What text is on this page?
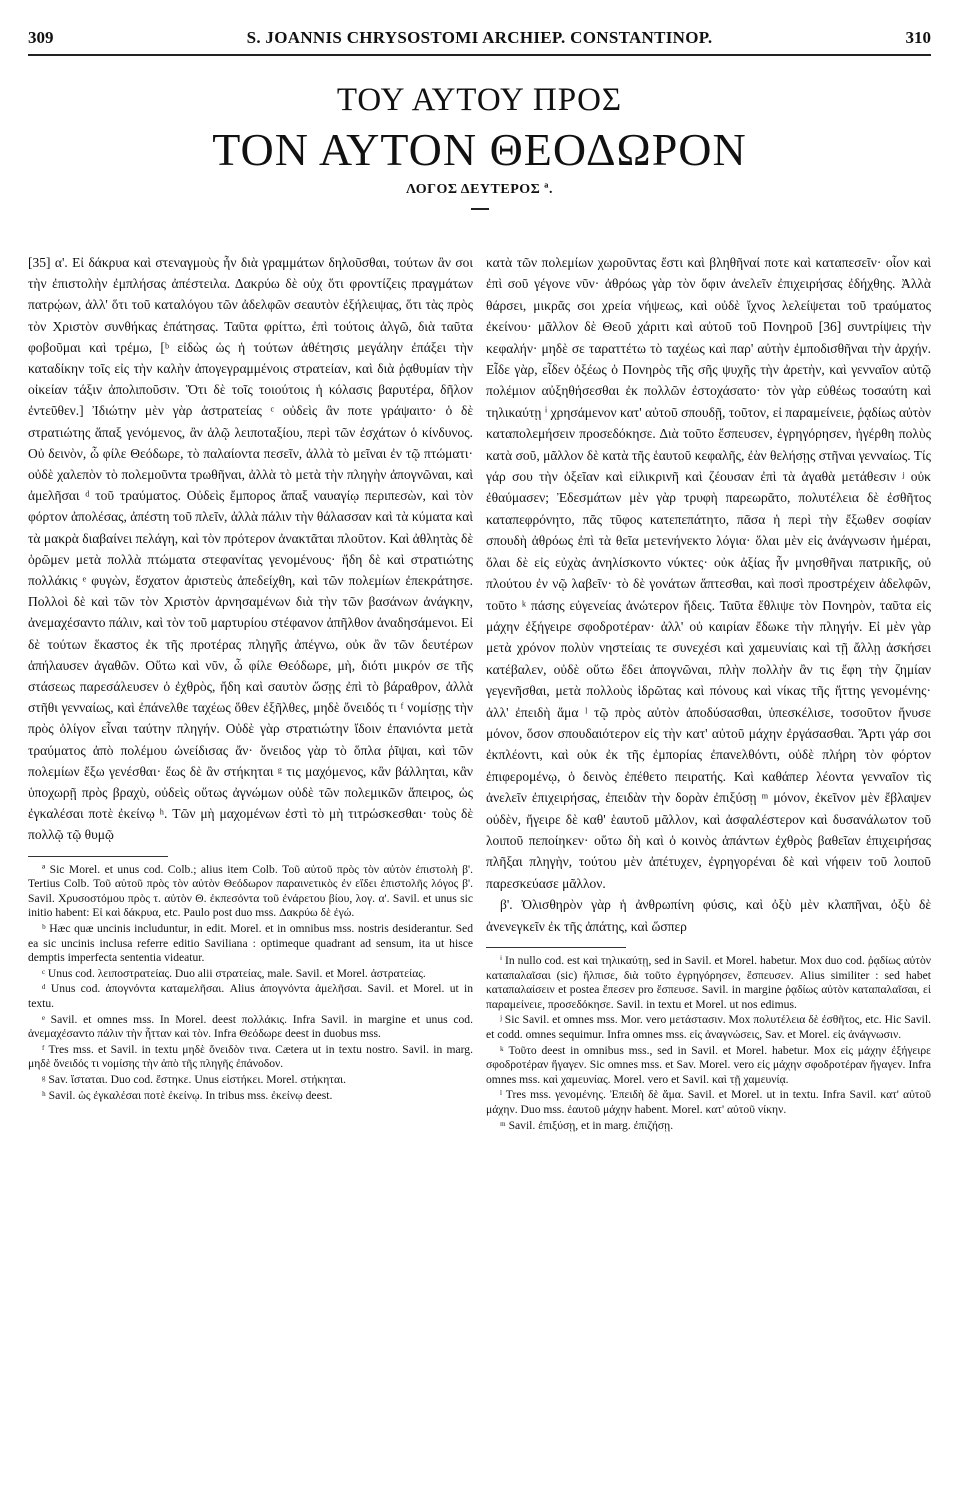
309	S. JOANNIS CHRYSOSTOMI ARCHIEP. CONSTANTINOP.	310
ΤΟΥ ΑΥΤΟΥ ΠΡΟΣ
ΤΟΝ ΑΥΤΟΝ ΘΕΟΔΩΡΟΝ
ΛΟΓΟΣ ΔΕΥΤΕΡΟΣ ª.

[35] α'. Εἰ δάκρυα καὶ στεναγμοὺς ἦν διὰ γραμμάτων δηλοῦσθαι, τούτων ἂν σοι τὴν ἐπιστολὴν ἐμπλήσας ἀπέστειλα. Δακρύω δὲ οὐχ ὅτι φροντίζεις πραγμάτων πατρῴων, ἀλλ' ὅτι τοῦ καταλόγου τῶν ἀδελφῶν σεαυτὸν ἐξήλειψας, ὅτι τὰς πρὸς τὸν Χριστὸν συνθήκας ἐπάτησας. Ταῦτα φρίττω, ἐπὶ τούτοις ἀλγῶ, διὰ ταῦτα φοβοῦμαι καὶ τρέμω, [ᵇ εἰδὼς ὡς ἡ τούτων ἀθέτησις μεγάλην ἐπάξει τὴν καταδίκην τοῖς εἰς τὴν καλὴν ἀπογεγραμμένοις στρατείαν, καὶ διὰ ῥᾳθυμίαν τὴν οἰκείαν τάξιν ἀπολιποῦσιν. Ὅτι δὲ τοῖς τοιούτοις ἡ κόλασις βαρυτέρα, δῆλον ἐντεῦθεν.] Ἰδιώτην μὲν γὰρ ἀστρατείας ᶜ οὐδεὶς ἂν ποτε γράψαιτο· ὁ δὲ στρατιώτης ἅπαξ γενόμενος, ἂν ἁλῷ λειποταξίου, περὶ τῶν ἐσχάτων ὁ κίνδυνος. Οὐ δεινὸν, ὦ φίλε Θεόδωρε, τὸ παλαίοντα πεσεῖν, ἀλλὰ τὸ μεῖναι ἐν τῷ πτώματι· οὐδὲ χαλεπὸν τὸ πολεμοῦντα τρωθῆναι, ἀλλὰ τὸ μετὰ τὴν πληγὴν ἀπογνῶναι, καὶ ἀμελῆσαι ᵈ τοῦ τραύματος. Οὐδεὶς ἔμπορος ἅπαξ ναυαγίῳ περιπεσὼν, καὶ τὸν φόρτον ἀπολέσας, ἀπέστη τοῦ πλεῖν, ἀλλὰ πάλιν τὴν θάλασσαν καὶ τὰ κύματα καὶ τὰ μακρὰ διαβαίνει πελάγη, καὶ τὸν πρότερον ἀνακτᾶται πλοῦτον. Καὶ ἀθλητὰς δὲ ὁρῶμεν μετὰ πολλὰ πτώματα στεφανίτας γενομένους· ἤδη δὲ καὶ στρατιώτης πολλάκις ᵉ φυγὼν, ἔσχατον ἀριστεὺς ἀπεδείχθη, καὶ τῶν πολεμίων ἐπεκράτησε. Πολλοὶ δὲ καὶ τῶν τὸν Χριστὸν ἀρνησαμένων διὰ τὴν τῶν βασάνων ἀνάγκην, ἀνεμαχέσαντο πάλιν, καὶ τὸν τοῦ μαρτυρίου στέφανον ἀπῆλθον ἀναδησάμενοι. Εἰ δὲ τούτων ἕκαστος ἐκ τῆς προτέρας πληγῆς ἀπέγνω, οὐκ ἂν τῶν δευτέρων ἀπήλαυσεν ἀγαθῶν. Οὕτω καὶ νῦν, ὦ φίλε Θεόδωρε, μὴ, διότι μικρόν σε τῆς στάσεως παρεσάλευσεν ὁ ἐχθρὸς, ἤδη καὶ σαυτὸν ὥσῃς ἐπὶ τὸ βάραθρον, ἀλλὰ στῆθι γενναίως, καὶ ἐπάνελθε ταχέως ὅθεν ἐξῆλθες, μηδὲ ὄνειδός τι ᶠ νομίσῃς τὴν πρὸς ὀλίγον εἶναι ταύτην πληγήν. Οὐδὲ γὰρ στρατιώτην ἴδοιν ἐπανιόντα μετὰ τραύματος ἀπὸ πολέμου ὠνείδισας ἄν· ὄνειδος γὰρ τὸ ὅπλα ῥῖψαι, καὶ τῶν πολεμίων ἔξω γενέσθαι· ἕως δὲ ἂν στήκηται ᵍ τις μαχόμενος, κἂν βάλληται, κἂν ὑποχωρῇ πρὸς βραχὺ, οὐδεὶς οὕτως ἀγνώμων οὐδὲ τῶν πολεμικῶν ἄπειρος, ὡς ἐγκαλέσαι ποτὲ ἐκείνῳ ʰ. Τῶν μὴ μαχομένων ἐστὶ τὸ μὴ τιτρώσκεσθαι· τοὺς δὲ πολλῷ τῷ θυμῷ

ª Sic Morel. et unus cod. Colb.; alius item Colb. Τοῦ αὐτοῦ πρὸς τὸν αὐτὸν ἐπιστολὴ β'. Tertius Colb. Τοῦ αὐτοῦ πρὸς τὸν αὐτὸν Θεόδωρον παραινετικὸς ἐν εἴδει ἐπιστολῆς λόγος β'. Savil. Χρυσοστόμου πρὸς τ. αὐτὸν Θ. ἐκπεσόντα τοῦ ἐνάρετου βίου, λογ. α'. Savil. et unus sic initio habent: Εἰ καὶ δάκρυα, etc. Paulo post duo mss. Δακρύω δὲ ἐγώ.

ᵇ Hæc quæ uncinis includuntur, in edit. Morel. et in omnibus mss. nostris desiderantur. Sed ea sic uncinis inclusa referre editio Saviliana : optimeque quadrant ad sensum, ita ut hisce demptis imperfecta sententia videatur.

ᶜ Unus cod. λειποστρατείας. Duo alii στρατείας, male. Savil. et Morel. ἀστρατείας.

ᵈ Unus cod. ἀπογνόντα καταμελῆσαι. Alius ἀπογνόντα ἀμελῆσαι. Savil. et Morel. ut in textu.

ᵉ Savil. et omnes mss. In Morel. deest πολλάκις. Infra Savil. in margine et unus cod. ἀνεμαχέσαντο πάλιν τὴν ἧτταν καὶ τὸν. Infra Θεόδωρε deest in duobus mss.

ᶠ Tres mss. et Savil. in textu μηδὲ ὄνειδὸν τινα. Cætera ut in textu nostro. Savil. in marg. μηδὲ ὄνειδός τι νομίσης τὴν ἀπὸ τῆς πληγῆς ἐπάνοδον.

ᵍ Sav. ἵσταται. Duo cod. ἕστηκε. Unus εἱστήκει. Morel. στήκηται.

ʰ Savil. ὡς ἐγκαλέσαι ποτὲ ἐκείνῳ. In tribus mss. ἐκείνῳ deest.

κατὰ τῶν πολεμίων χωροῦντας ἔστι καὶ βληθῆναί ποτε καὶ καταπεσεῖν· οἷον καὶ ἐπὶ σοῦ γέγονε νῦν· ἀθρόως γὰρ τὸν ὄφιν ἀνελεῖν ἐπιχειρήσας ἐδήχθης. Ἀλλὰ θάρσει, μικρᾶς σοι χρεία νήψεως, καὶ οὐδὲ ἴχνος λελείψεται τοῦ τραύματος ἐκείνου· μᾶλλον δὲ Θεοῦ χάριτι καὶ αὐτοῦ τοῦ Πονηροῦ [36] συντρίψεις τὴν κεφαλήν· μηδὲ σε ταραττέτω τὸ ταχέως καὶ παρ' αὐτὴν ἐμποδισθῆναι τὴν ἀρχήν. Εἶδε γὰρ, εἶδεν ὀξέως ὁ Πονηρὸς τῆς σῆς ψυχῆς τὴν ἀρετὴν, καὶ γενναῖον αὐτῷ πολέμιον αὐξηθήσεσθαι ἐκ πολλῶν ἐστοχάσατο· τὸν γὰρ εὐθέως τοσαύτη καὶ τηλικαύτῃ ⁱ χρησάμενον κατ' αὐτοῦ σπουδῇ, τοῦτον, εἰ παραμείνειε, ῥᾳδίως αὐτὸν καταπολεμήσειν προσεδόκησε. Διὰ τοῦτο ἔσπευσεν, ἐγρηγόρησεν, ἠγέρθη πολὺς κατὰ σοῦ, μᾶλλον δὲ κατὰ τῆς ἑαυτοῦ κεφαλῆς, ἐὰν θελήσῃς στῆναι γενναίως. Τίς γάρ σου τὴν ὀξεῖαν καὶ εἰλικρινῆ καὶ ζέουσαν ἐπὶ τὰ ἀγαθὰ μετάθεσιν ʲ οὐκ ἐθαύμασεν; Ἐδεσμάτων μὲν γὰρ τρυφὴ παρεωρᾶτο, πολυτέλεια δὲ ἐσθῆτος καταπεφρόνητο, πᾶς τῦφος κατεπεπάτητο, πᾶσα ἡ περὶ τὴν ἔξωθεν σοφίαν σπουδὴ ἀθρόως ἐπὶ τὰ θεῖα μετενήνεκτο λόγια· ὅλαι μὲν εἰς ἀνάγνωσιν ἡμέραι, ὅλαι δὲ εἰς εὐχὰς ἀνηλίσκοντο νύκτες· οὐκ ἀξίας ἦν μνησθῆναι πατρικῆς, οὐ πλούτου ἐν νῷ λαβεῖν· τὸ δὲ γονάτων ἅπτεσθαι, καὶ ποσὶ προστρέχειν ἀδελφῶν, τοῦτο ᵏ πάσης εὐγενείας ἀνώτερον ἥδεις. Ταῦτα ἔθλιψε τὸν Πονηρὸν, ταῦτα εἰς μάχην ἐξήγειρε σφοδροτέραν· ἀλλ' οὐ καιρίαν ἔδωκε τὴν πληγήν. Εἰ μὲν γὰρ μετὰ χρόνον πολὺν νηστείαις τε συνεχέσι καὶ χαμευνίαις καὶ τῇ ἄλλῃ ἀσκήσει κατέβαλεν, οὐδὲ οὕτω ἔδει ἀπογνῶναι, πλὴν πολλὴν ἂν τις ἔφη τὴν ζημίαν γεγενῆσθαι, μετὰ πολλοὺς ἱδρῶτας καὶ πόνους καὶ νίκας τῆς ἥττης γενομένης· ἀλλ' ἐπειδὴ ἅμα ˡ τῷ πρὸς αὐτὸν ἀποδύσασθαι, ὑπεσκέλισε, τοσοῦτον ἤνυσε μόνον, ὅσον σπουδαιότερον εἰς τὴν κατ' αὐτοῦ μάχην ἐργάσασθαι. Ἄρτι γάρ σοι ἐκπλέοντι, καὶ οὐκ ἐκ τῆς ἐμπορίας ἐπανελθόντι, οὐδὲ πλήρη τὸν φόρτον ἐπιφερομένῳ, ὁ δεινὸς ἐπέθετο πειρατής. Καὶ καθάπερ λέοντα γενναῖον τὶς ἀνελεῖν ἐπιχειρήσας, ἐπειδὰν τὴν δορὰν ἐπιξύσῃ ᵐ μόνον, ἐκεῖνον μὲν ἔβλαψεν οὐδὲν, ἤγειρε δὲ καθ' ἑαυτοῦ μᾶλλον, καὶ ἀσφαλέστερον καὶ δυσανάλωτον τοῦ λοιποῦ πεποίηκεν· οὕτω δὴ καὶ ὁ κοινὸς ἁπάντων ἐχθρὸς βαθεῖαν ἐπιχειρήσας πλῆξαι πληγὴν, τούτου μὲν ἀπέτυχεν, ἐγρηγορέναι δὲ καὶ νήφειν τοῦ λοιποῦ παρεσκεύασε μᾶλλον.

β'. Ὀλισθηρὸν γὰρ ἡ ἀνθρωπίνη φύσις, καὶ ὀξὺ μὲν κλαπῆναι, ὀξὺ δὲ ἀνενεγκεῖν ἐκ τῆς ἀπάτης, καὶ ὥσπερ

ⁱ In nullo cod. est καὶ τηλικαύτῃ, sed in Savil. et Morel. habetur. Mox duo cod. ῥᾳδίως αὐτὸν καταπαλαῖσαι (sic) ἤλπισε, διὰ τοῦτο ἐγρηγόρησεν, ἔσπευσεν. Alius similiter : sed habet καταπαλαίσειν et postea ἔπεσεν pro ἔσπευσε. Savil. in margine ῥᾳδίως αὐτὸν καταπαλαῖσαι, εἰ παραμείνειε, προσεδόκησε. Savil. in textu et Morel. ut nos edimus.

ʲ Sic Savil. et omnes mss. Mor. vero μετάστασιν. Mox πολυτέλεια δὲ ἐσθῆτος, etc. Hic Savil. et codd. omnes sequimur. Infra omnes mss. εἰς ἀναγνώσεις, Sav. et Morel. εἰς ἀνάγνωσιν.

ᵏ Τοῦτο deest in omnibus mss., sed in Savil. et Morel. habetur. Mox εἰς μάχην ἐξήγειρε σφοδροτέραν ἤγαγεν. Sic omnes mss. et Sav. Morel. vero εἰς μάχην σφοδροτέραν ἤγαγεν. Infra omnes mss. καὶ χαμευνίας. Morel. vero et Savil. καὶ τῇ χαμευνίᾳ.

ˡ Tres mss. γενομένης. Ἐπειδὴ δὲ ἅμα. Savil. et Morel. ut in textu. Infra Savil. κατ' αὐτοῦ μάχην. Duo mss. ἐαυτοῦ μάχην habent. Morel. κατ' αὐτοῦ νίκην.

ᵐ Savil. ἐπιξύσῃ, et in marg. ἐπιζήσῃ.
